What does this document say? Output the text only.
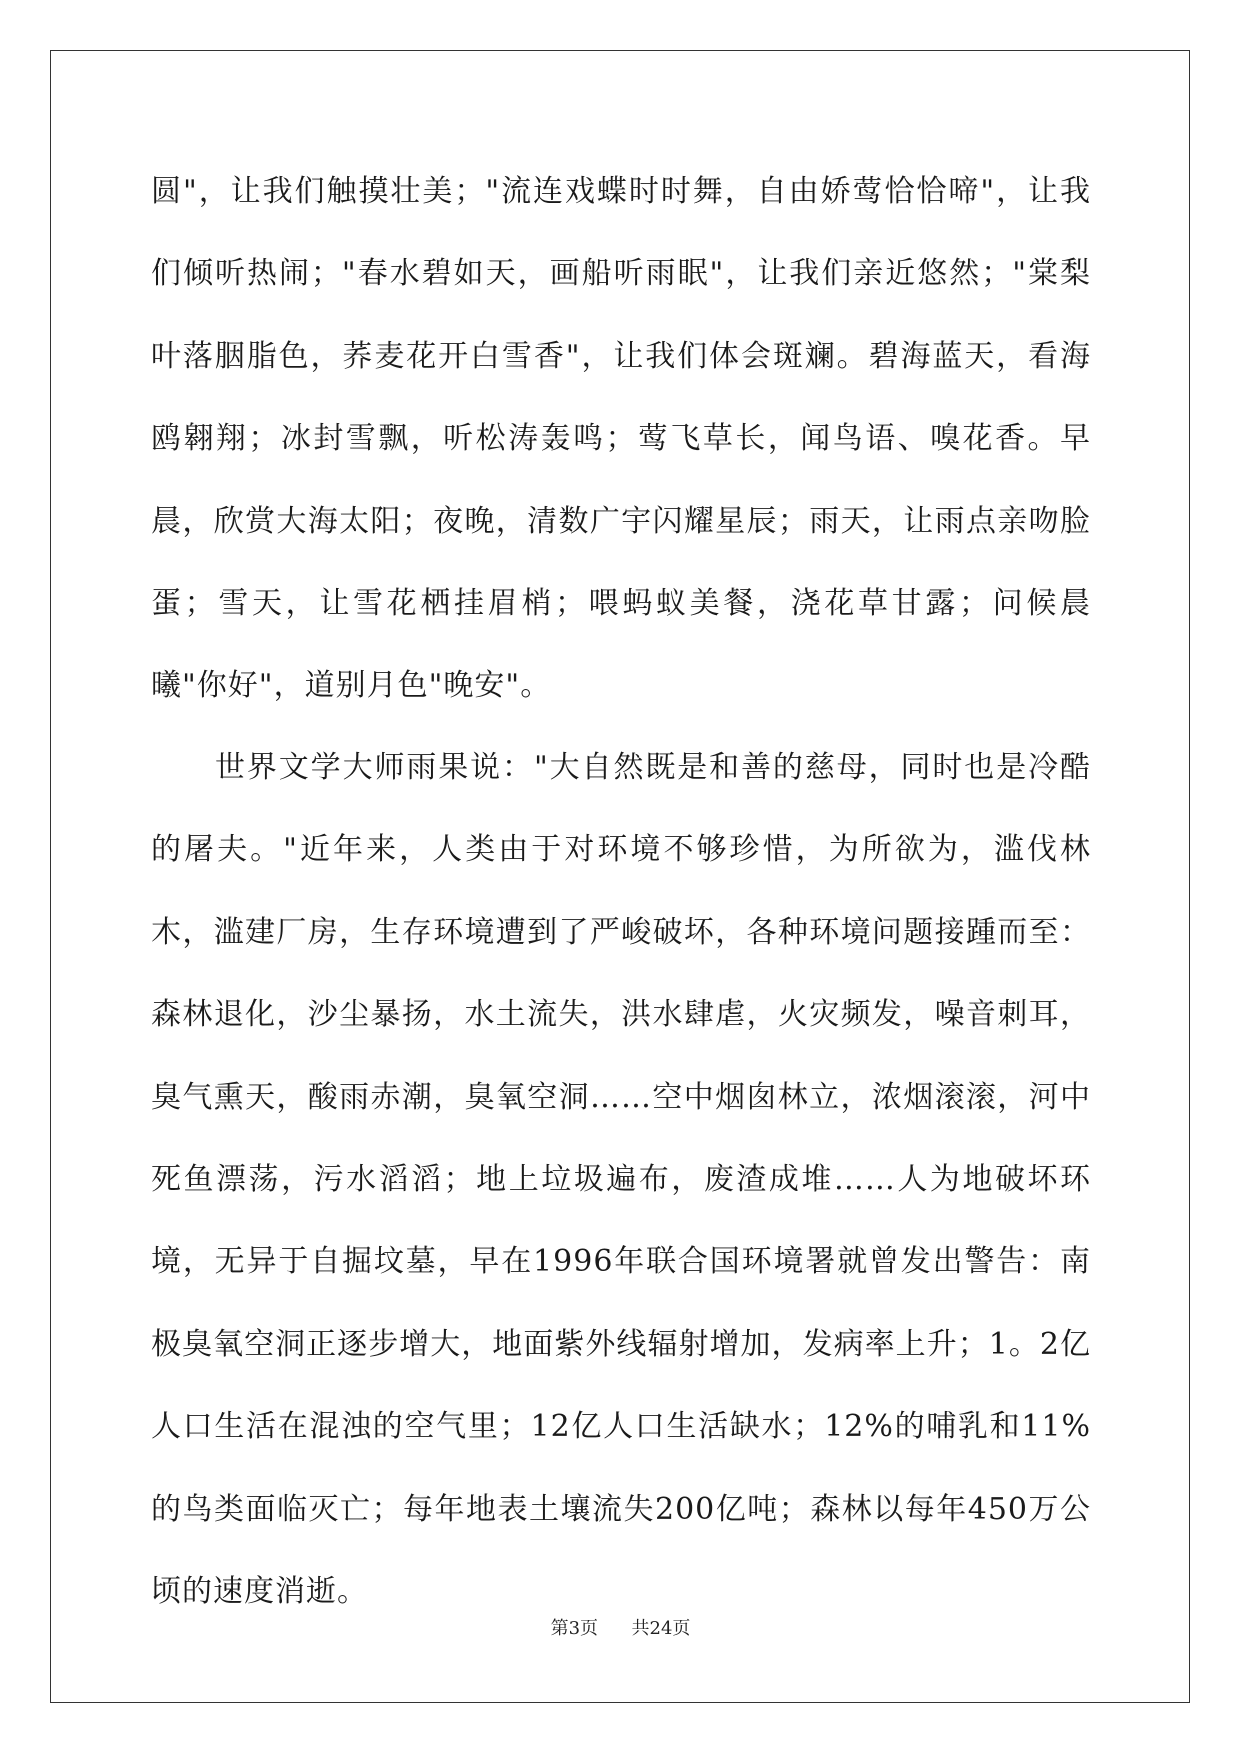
圆"，让我们触摸壮美；"流连戏蝶时时舞，自由娇莺恰恰啼"，让我们倾听热闹；"春水碧如天，画船听雨眠"，让我们亲近悠然；"棠梨叶落胭脂色，荞麦花开白雪香"，让我们体会斑斓。碧海蓝天，看海鸥翱翔；冰封雪飘，听松涛轰鸣；莺飞草长，闻鸟语、嗅花香。早晨，欣赏大海太阳；夜晚，清数广宇闪耀星辰；雨天，让雨点亲吻脸蛋；雪天，让雪花栖挂眉梢；喂蚂蚁美餐，浇花草甘露；问候晨曦"你好"，道别月色"晚安"。
世界文学大师雨果说："大自然既是和善的慈母，同时也是冷酷的屠夫。"近年来，人类由于对环境不够珍惜，为所欲为，滥伐林木，滥建厂房，生存环境遭到了严峻破坏，各种环境问题接踵而至：森林退化，沙尘暴扬，水土流失，洪水肆虐，火灾频发，噪音刺耳，臭气熏天，酸雨赤潮，臭氧空洞……空中烟囱林立，浓烟滚滚，河中死鱼漂荡，污水滔滔；地上垃圾遍布，废渣成堆……人为地破坏环境，无异于自掘坟墓，早在1996年联合国环境署就曾发出警告：南极臭氧空洞正逐步增大，地面紫外线辐射增加，发病率上升；1。2亿人口生活在混浊的空气里；12亿人口生活缺水；12%的哺乳和11%的鸟类面临灭亡；每年地表土壤流失200亿吨；森林以每年450万公顷的速度消逝。
第3页 共24页
